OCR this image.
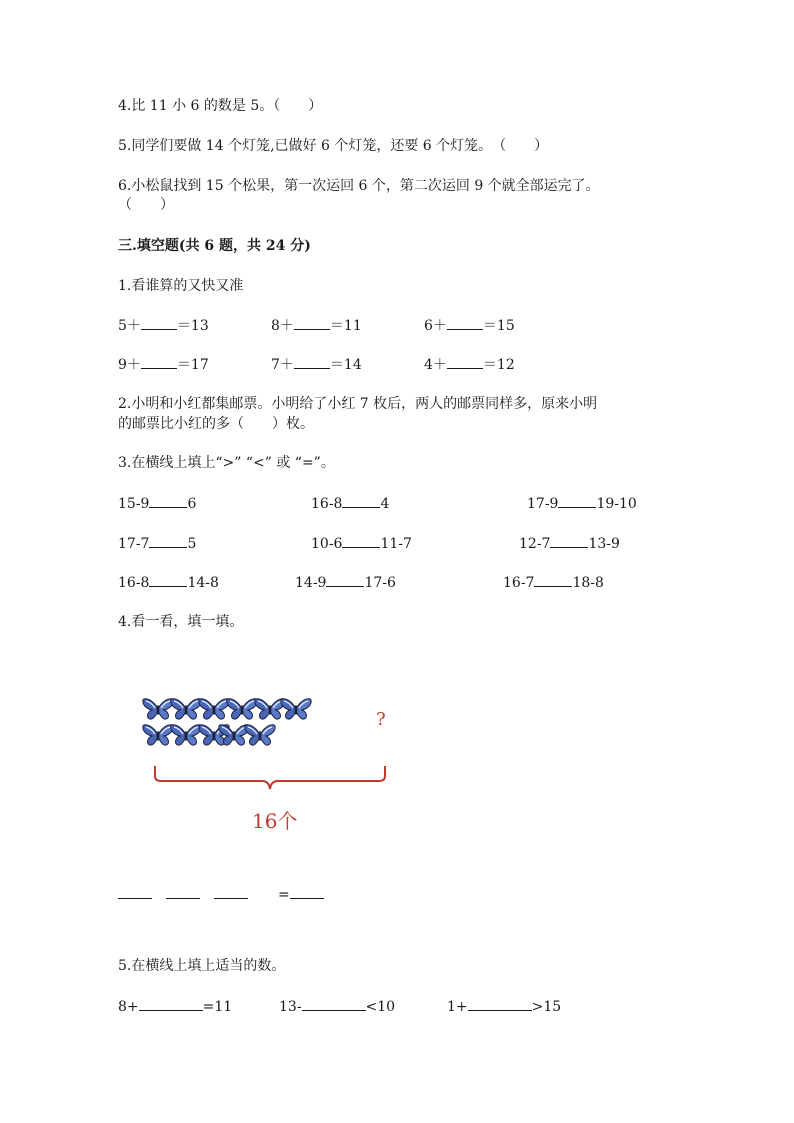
4.比 11 小 6 的数是 5。（　　）
5.同学们要做 14 个灯笼,已做好 6 个灯笼，还要 6 个灯笼。　（　　）
6.小松鼠找到 15 个松果，第一次运回 6 个，第二次运回 9 个就全部运完了。
（　　）
三.填空题(共 6 题，共 24 分)
1.看谁算的又快又准
5＋	＝13	8＋	＝11	6＋	＝15
9＋	＝17	7＋	＝14	4＋	＝12
2.小明和小红都集邮票。小明给了小红 7 枚后，两人的邮票同样多，原来小明
的邮票比小红的多（　　）枚。
3.在横线上填上“>” “<” 或 “=”。
15-9	6	16-8	4	17-9	19-10
17-7	5	10-6	11-7	12-7	13-9
16-8	14-8	14-9	17-6	16-7	18-8
4.看一看，填一填。
?
16个
=
5.在横线上填上适当的数。
8+	=11	13-	<10	1+	>15
